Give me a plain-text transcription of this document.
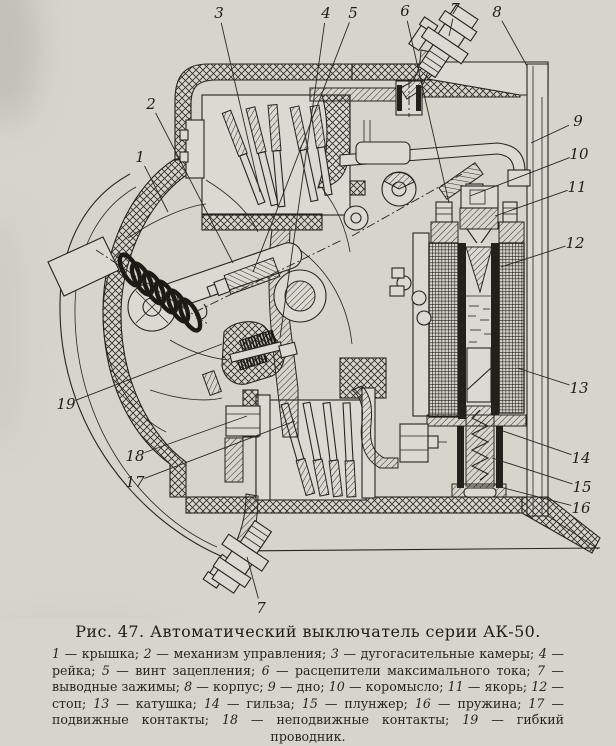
1
2
3	4 5	6	7 8
9
10
11
12
13
14
15
16
17
18
19
7
Рис. 47. Автоматический выключатель серии АК-50.

1 — крышка; 2 — механизм управления; 3 — дугогасительные камеры; 4 — рейка; 5 — винт зацепления; 6 — расцепители максимального тока; 7 — выводные зажимы; 8 — корпус; 9 — дно; 10 — коромысло; 11 — якорь; 12 — стоп; 13 — катушка; 14 — гильза; 15 — плунжер; 16 — пружина; 17 — подвижные контакты; 18 — неподвижные контакты; 19 — гибкий проводник.
